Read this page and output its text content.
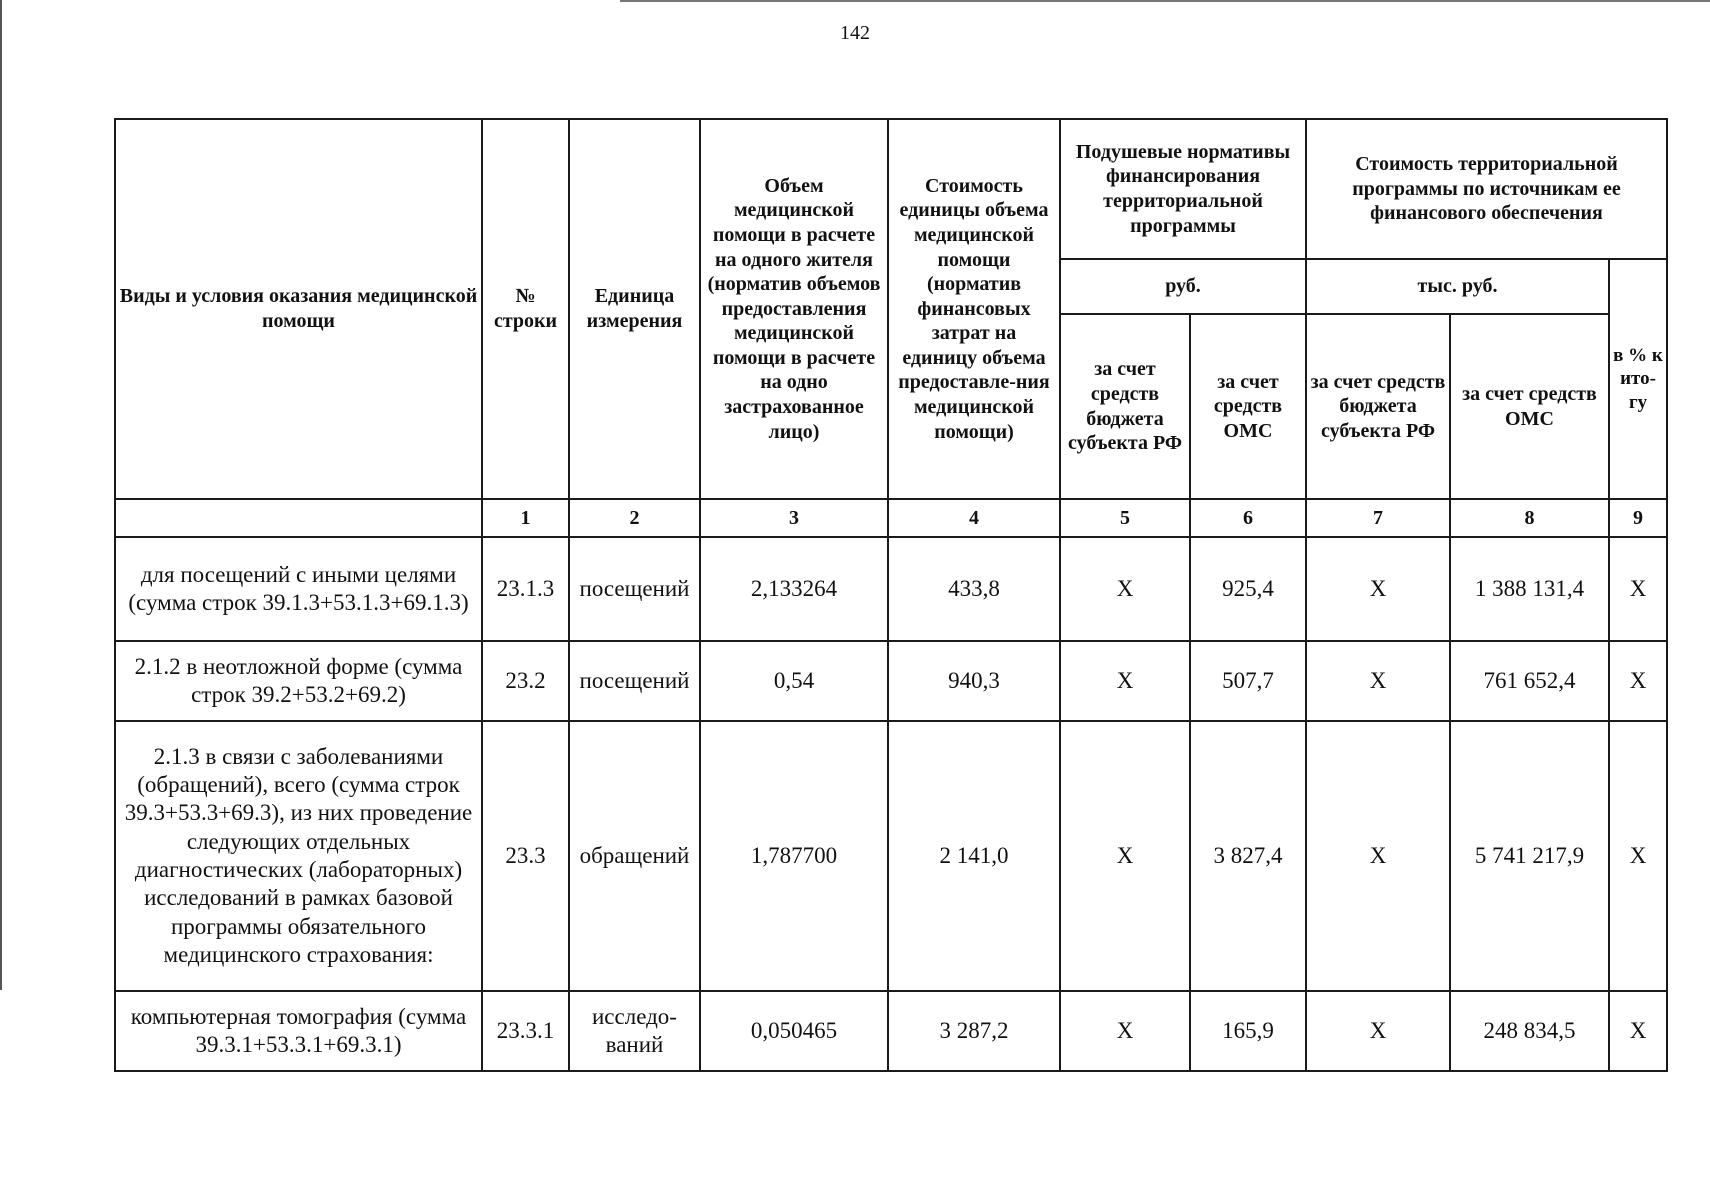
142
Виды и условия оказания медицинской помощи	№ строки	Единица измерения	Объем медицинской помощи в расчете на одного жителя (норматив объемов предоставления медицинской помощи в расчете на одно застрахованное лицо)	Стоимость единицы объема медицинской помощи (норматив финансовых затрат на единицу объема предоставле-ния медицинской помощи)	Подушевые нормативы финансирования территориальной программы		Стоимость территориальной программы по источникам ее финансового обеспечения		
					руб.		тыс. руб.		в % к ито-гу
					за счет средств бюджета субъекта РФ	за счет средств ОМС	за счет средств бюджета субъекта РФ	за счет средств ОМС	
	1	2	3	4	5	6	7	8	9
для посещений с иными целями (сумма строк 39.1.3+53.1.3+69.1.3)	23.1.3	посещений	2,133264	433,8	Х	925,4	Х	1 388 131,4	Х
2.1.2 в неотложной форме (сумма строк 39.2+53.2+69.2)	23.2	посещений	0,54	940,3	Х	507,7	Х	761 652,4	Х
2.1.3 в связи с заболеваниями (обращений), всего (сумма строк 39.3+53.3+69.3), из них проведение следующих отдельных диагностических (лабораторных) исследований в рамках базовой программы обязательного медицинского страхования:	23.3	обращений	1,787700	2 141,0	Х	3 827,4	Х	5 741 217,9	Х
компьютерная томография (сумма 39.3.1+53.3.1+69.3.1)	23.3.1	исследо-ваний	0,050465	3 287,2	Х	165,9	Х	248 834,5	Х
